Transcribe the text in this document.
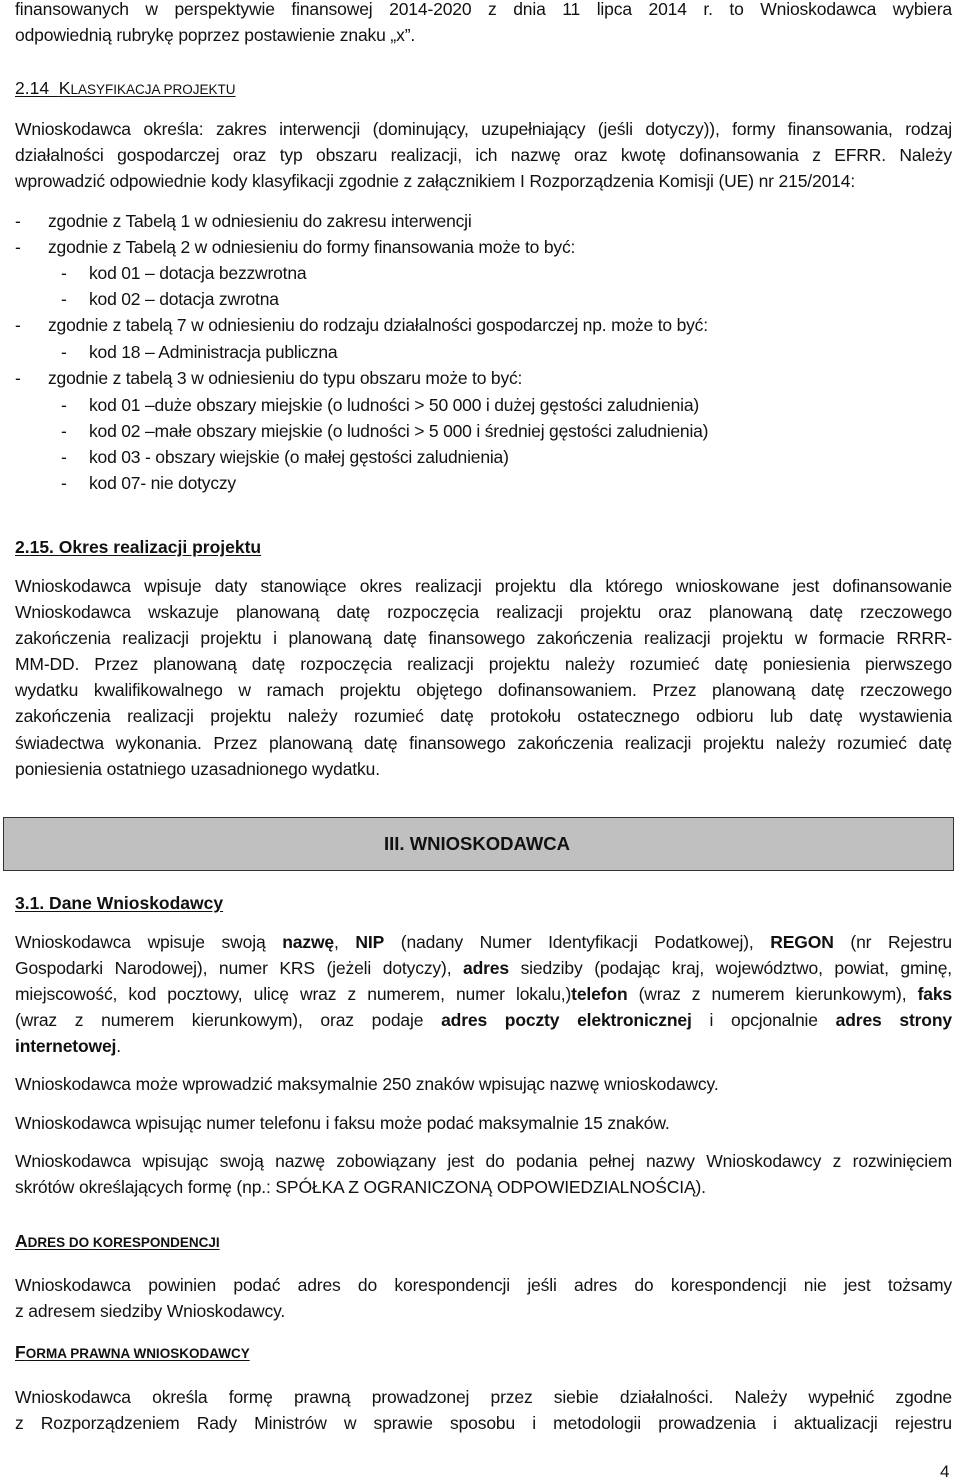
finansowanych w perspektywie finansowej 2014-2020 z dnia 11 lipca 2014 r. to Wnioskodawca wybiera
odpowiednią rubrykę poprzez postawienie znaku „x”.
2.14 KLASYFIKACJA PROJEKTU
Wnioskodawca określa: zakres interwencji (dominujący, uzupełniający (jeśli dotyczy)), formy finansowania, rodzaj
działalności gospodarczej oraz typ obszaru realizacji, ich nazwę oraz kwotę dofinansowania z EFRR. Należy
wprowadzić odpowiednie kody klasyfikacji zgodnie z załącznikiem I Rozporządzenia Komisji (UE) nr 215/2014:
- zgodnie z Tabelą 1 w odniesieniu do zakresu interwencji
- zgodnie z Tabelą 2 w odniesieniu do formy finansowania może to być:
- kod 01 – dotacja bezzwrotna
- kod 02 – dotacja zwrotna
- zgodnie z tabelą 7 w odniesieniu do rodzaju działalności gospodarczej np. może to być:
- kod 18 – Administracja publiczna
- zgodnie z tabelą 3 w odniesieniu do typu obszaru może to być:
- kod 01 –duże obszary miejskie (o ludności > 50 000 i dużej gęstości zaludnienia)
- kod 02 –małe obszary miejskie (o ludności > 5 000 i średniej gęstości zaludnienia)
- kod 03 - obszary wiejskie (o małej gęstości zaludnienia)
- kod 07- nie dotyczy
2.15. Okres realizacji projektu
Wnioskodawca wpisuje daty stanowiące okres realizacji projektu dla którego wnioskowane jest dofinansowanie
Wnioskodawca wskazuje planowaną datę rozpoczęcia realizacji projektu oraz planowaną datę rzeczowego
zakończenia realizacji projektu i planowaną datę finansowego zakończenia realizacji projektu w formacie RRRR-
MM-DD. Przez planowaną datę rozpoczęcia realizacji projektu należy rozumieć datę poniesienia pierwszego
wydatku kwalifikowalnego w ramach projektu objętego dofinansowaniem. Przez planowaną datę rzeczowego
zakończenia realizacji projektu należy rozumieć datę protokołu ostatecznego odbioru lub datę wystawienia
świadectwa wykonania. Przez planowaną datę finansowego zakończenia realizacji projektu należy rozumieć datę
poniesienia ostatniego uzasadnionego wydatku.
III. WNIOSKODAWCA
3.1. Dane Wnioskodawcy
Wnioskodawca wpisuje swoją nazwę, NIP (nadany Numer Identyfikacji Podatkowej), REGON (nr Rejestru
Gospodarki Narodowej), numer KRS (jeżeli dotyczy), adres siedziby (podając kraj, województwo, powiat, gminę,
miejscowość, kod pocztowy, ulicę wraz z numerem, numer lokalu,)telefon (wraz z numerem kierunkowym), faks
(wraz z numerem kierunkowym), oraz podaje adres poczty elektronicznej i opcjonalnie adres strony
internetowej.
Wnioskodawca może wprowadzić maksymalnie 250 znaków wpisując nazwę wnioskodawcy.
Wnioskodawca wpisując numer telefonu i faksu może podać maksymalnie 15 znaków.
Wnioskodawca wpisując swoją nazwę zobowiązany jest do podania pełnej nazwy Wnioskodawcy z rozwinięciem
skrótów określających formę (np.: SPÓŁKA Z OGRANICZONĄ ODPOWIEDZIALNOŚCIĄ).
ADRES DO KORESPONDENCJI
Wnioskodawca powinien podać adres do korespondencji jeśli adres do korespondencji nie jest tożsamy
z adresem siedziby Wnioskodawcy.
FORMA PRAWNA WNIOSKODAWCY
Wnioskodawca określa formę prawną prowadzonej przez siebie działalności. Należy wypełnić zgodne
z Rozporządzeniem Rady Ministrów w sprawie sposobu i metodologii prowadzenia i aktualizacji rejestru
4
